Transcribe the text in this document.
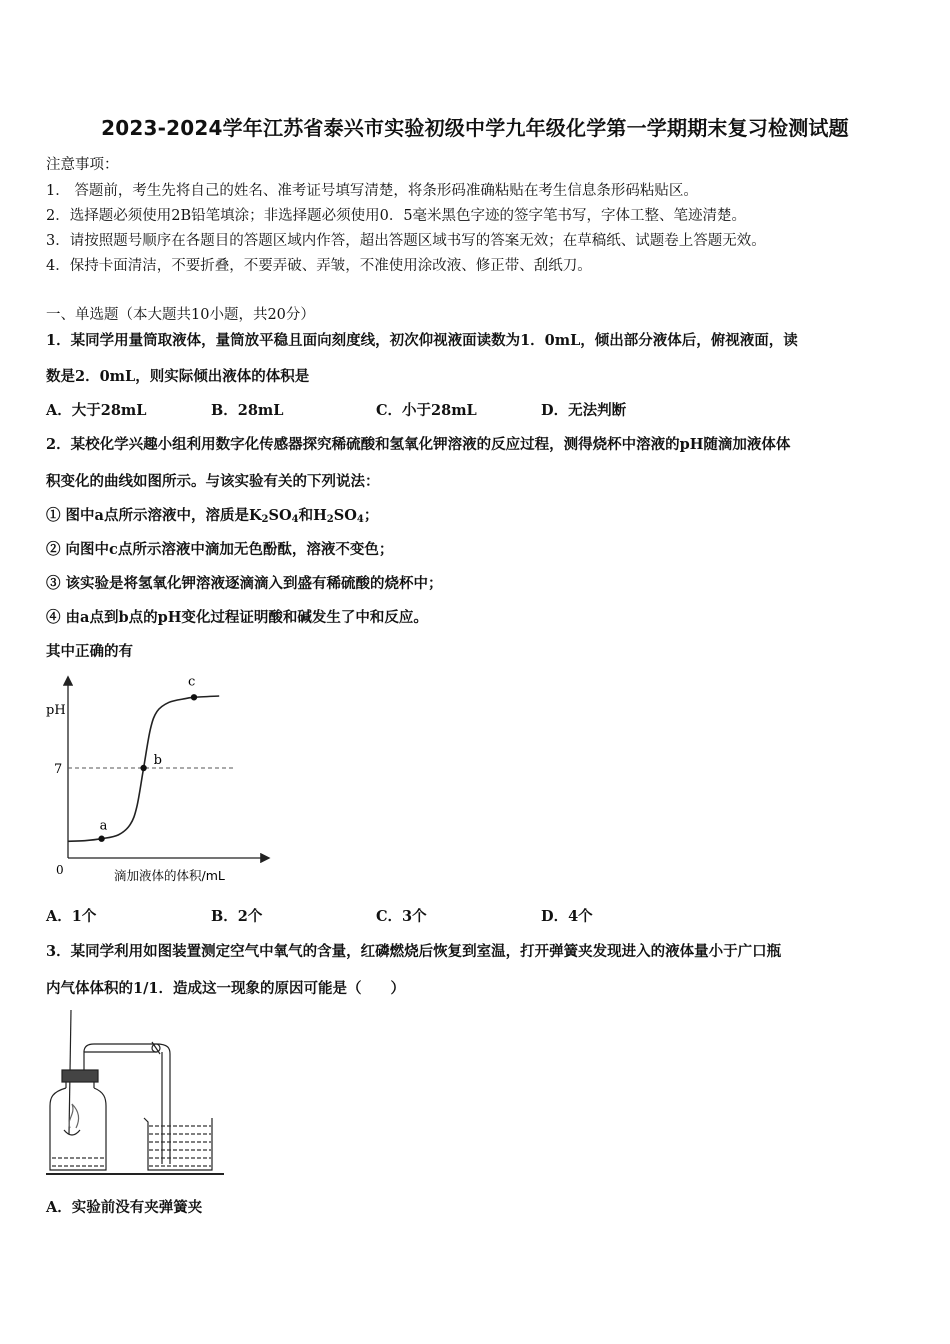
2023-2024学年江苏省泰兴市实验初级中学九年级化学第一学期期末复习检测试题
注意事项：
1． 答题前，考生先将自己的姓名、准考证号填写清楚，将条形码准确粘贴在考生信息条形码粘贴区。
2．选择题必须使用2B铅笔填涂；非选择题必须使用0．5毫米黑色字迹的签字笔书写，字体工整、笔迹清楚。
3．请按照题号顺序在各题目的答题区域内作答，超出答题区域书写的答案无效；在草稿纸、试题卷上答题无效。
4．保持卡面清洁，不要折叠，不要弄破、弄皱，不准使用涂改液、修正带、刮纸刀。
一、单选题（本大题共10小题，共20分）
1．某同学用量筒取液体，量筒放平稳且面向刻度线，初次仰视液面读数为1．0mL，倾出部分液体后，俯视液面，读
数是2．0mL，则实际倾出液体的体积是
A．大于28mL	B．28mL	C．小于28mL	D．无法判断
2．某校化学兴趣小组利用数字化传感器探究稀硫酸和氢氧化钾溶液的反应过程，测得烧杯中溶液的pH随滴加液体体
积变化的曲线如图所示。与该实验有关的下列说法：
① 图中a点所示溶液中，溶质是$K_2SO_4$和$H_2SO_4$；
② 向图中c点所示溶液中滴加无色酚酞，溶液不变色；
③ 该实验是将氢氧化钾溶液逐滴滴入到盛有稀硫酸的烧杯中；
④ 由a点到b点的pH变化过程证明酸和碱发生了中和反应。
其中正确的有
pH
0	滴加液体的体积/mL
7
a
b
c
A．1个	B．2个	C．3个	D．4个
3．某同学利用如图装置测定空气中氧气的含量，红磷燃烧后恢复到室温，打开弹簧夹发现进入的液体量小于广口瓶
内气体体积的1/1．造成这一现象的原因可能是（　　）
A．实验前没有夹弹簧夹
